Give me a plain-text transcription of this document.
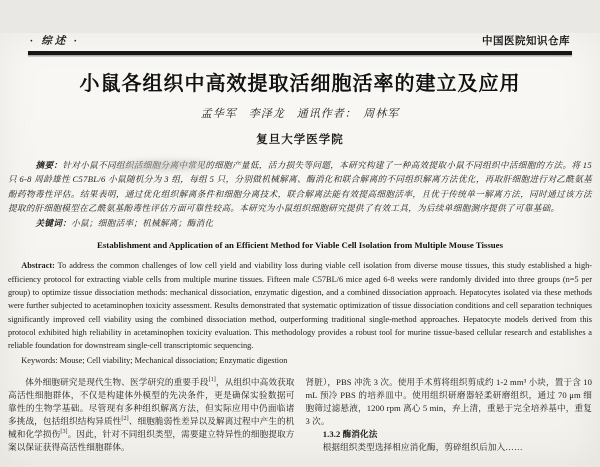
· 综述 ·	中国医院知识仓库
小鼠各组织中高效提取活细胞活率的建立及应用
孟华军　李泽龙　通讯作者：　周林军
复旦大学医学院

摘要：针对小鼠不同组织活细胞分离中常见的细胞产量低，活力损失等问题，本研究构建了一种高效提取小鼠不同组织中活细胞的方法。将 15 只 6-8 周龄雄性 C57BL/6 小鼠随机分为 3 组，每组 5 只，分别做机械解离、酶消化和联合解离的不同组织解离方法优化，再取肝细胞进行对乙酰氨基酚药物毒性评估。结果表明，通过优化组织解离条件和细胞分离技术，联合解离法能有效提高细胞活率，且优于传统单一解离方法，同时通过该方法提取的肝细胞模型在乙酰氨基酚毒性评估方面可靠性较高。本研究为小鼠组织细胞研究提供了有效工具，为后续单细胞测序提供了可靠基础。

关键词：小鼠；细胞活率；机械解离；酶消化

Establishment and Application of an Efficient Method for Viable Cell Isolation from Multiple Mouse Tissues

Abstract: To address the common challenges of low cell yield and viability loss during viable cell isolation from diverse mouse tissues, this study established a high-efficiency protocol for extracting viable cells from multiple murine tissues. Fifteen male C57BL/6 mice aged 6-8 weeks were randomly divided into three groups (n=5 per group) to optimize tissue dissociation methods: mechanical dissociation, enzymatic digestion, and a combined dissociation approach. Hepatocytes isolated via these methods were further subjected to acetaminophen toxicity assessment. Results demonstrated that systematic optimization of tissue dissociation conditions and cell separation techniques significantly improved cell viability using the combined dissociation method, outperforming traditional single-method approaches. Hepatocyte models derived from this protocol exhibited high reliability in acetaminophen toxicity evaluation. This methodology provides a robust tool for murine tissue-based cellular research and establishes a reliable foundation for downstream single-cell transcriptomic sequencing.

Keywords: Mouse; Cell viability; Mechanical dissociation; Enzymatic digestion

体外细胞研究是现代生物、医学研究的重要手段[1]，从组织中高效获取高活性细胞群体，不仅是构建体外模型的先决条件，更是确保实验数据可靠性的生物学基础。尽管现有多种组织解离方法，但实际应用中仍面临诸多挑战，包括组织结构异质性[2]、细胞脆弱性差异以及解离过程中产生的机械和化学损伤[3]。因此，针对不同组织类型，需要建立特异性的细胞提取方案以保证获得高活性细胞群体。

肾脏），PBS 冲洗 3 次。使用手术剪将组织剪成约 1-2 mm³ 小块，置于含 10 mL 预冷 PBS 的培养皿中。使用组织研磨器轻柔研磨组织，通过 70 μm 细胞筛过滤悬液，1200 rpm 离心 5 min，弃上清，重悬于完全培养基中，重复 3 次。

1.3.2 酶消化法

根据组织类型选择相应消化酶，剪碎组织后加入……
